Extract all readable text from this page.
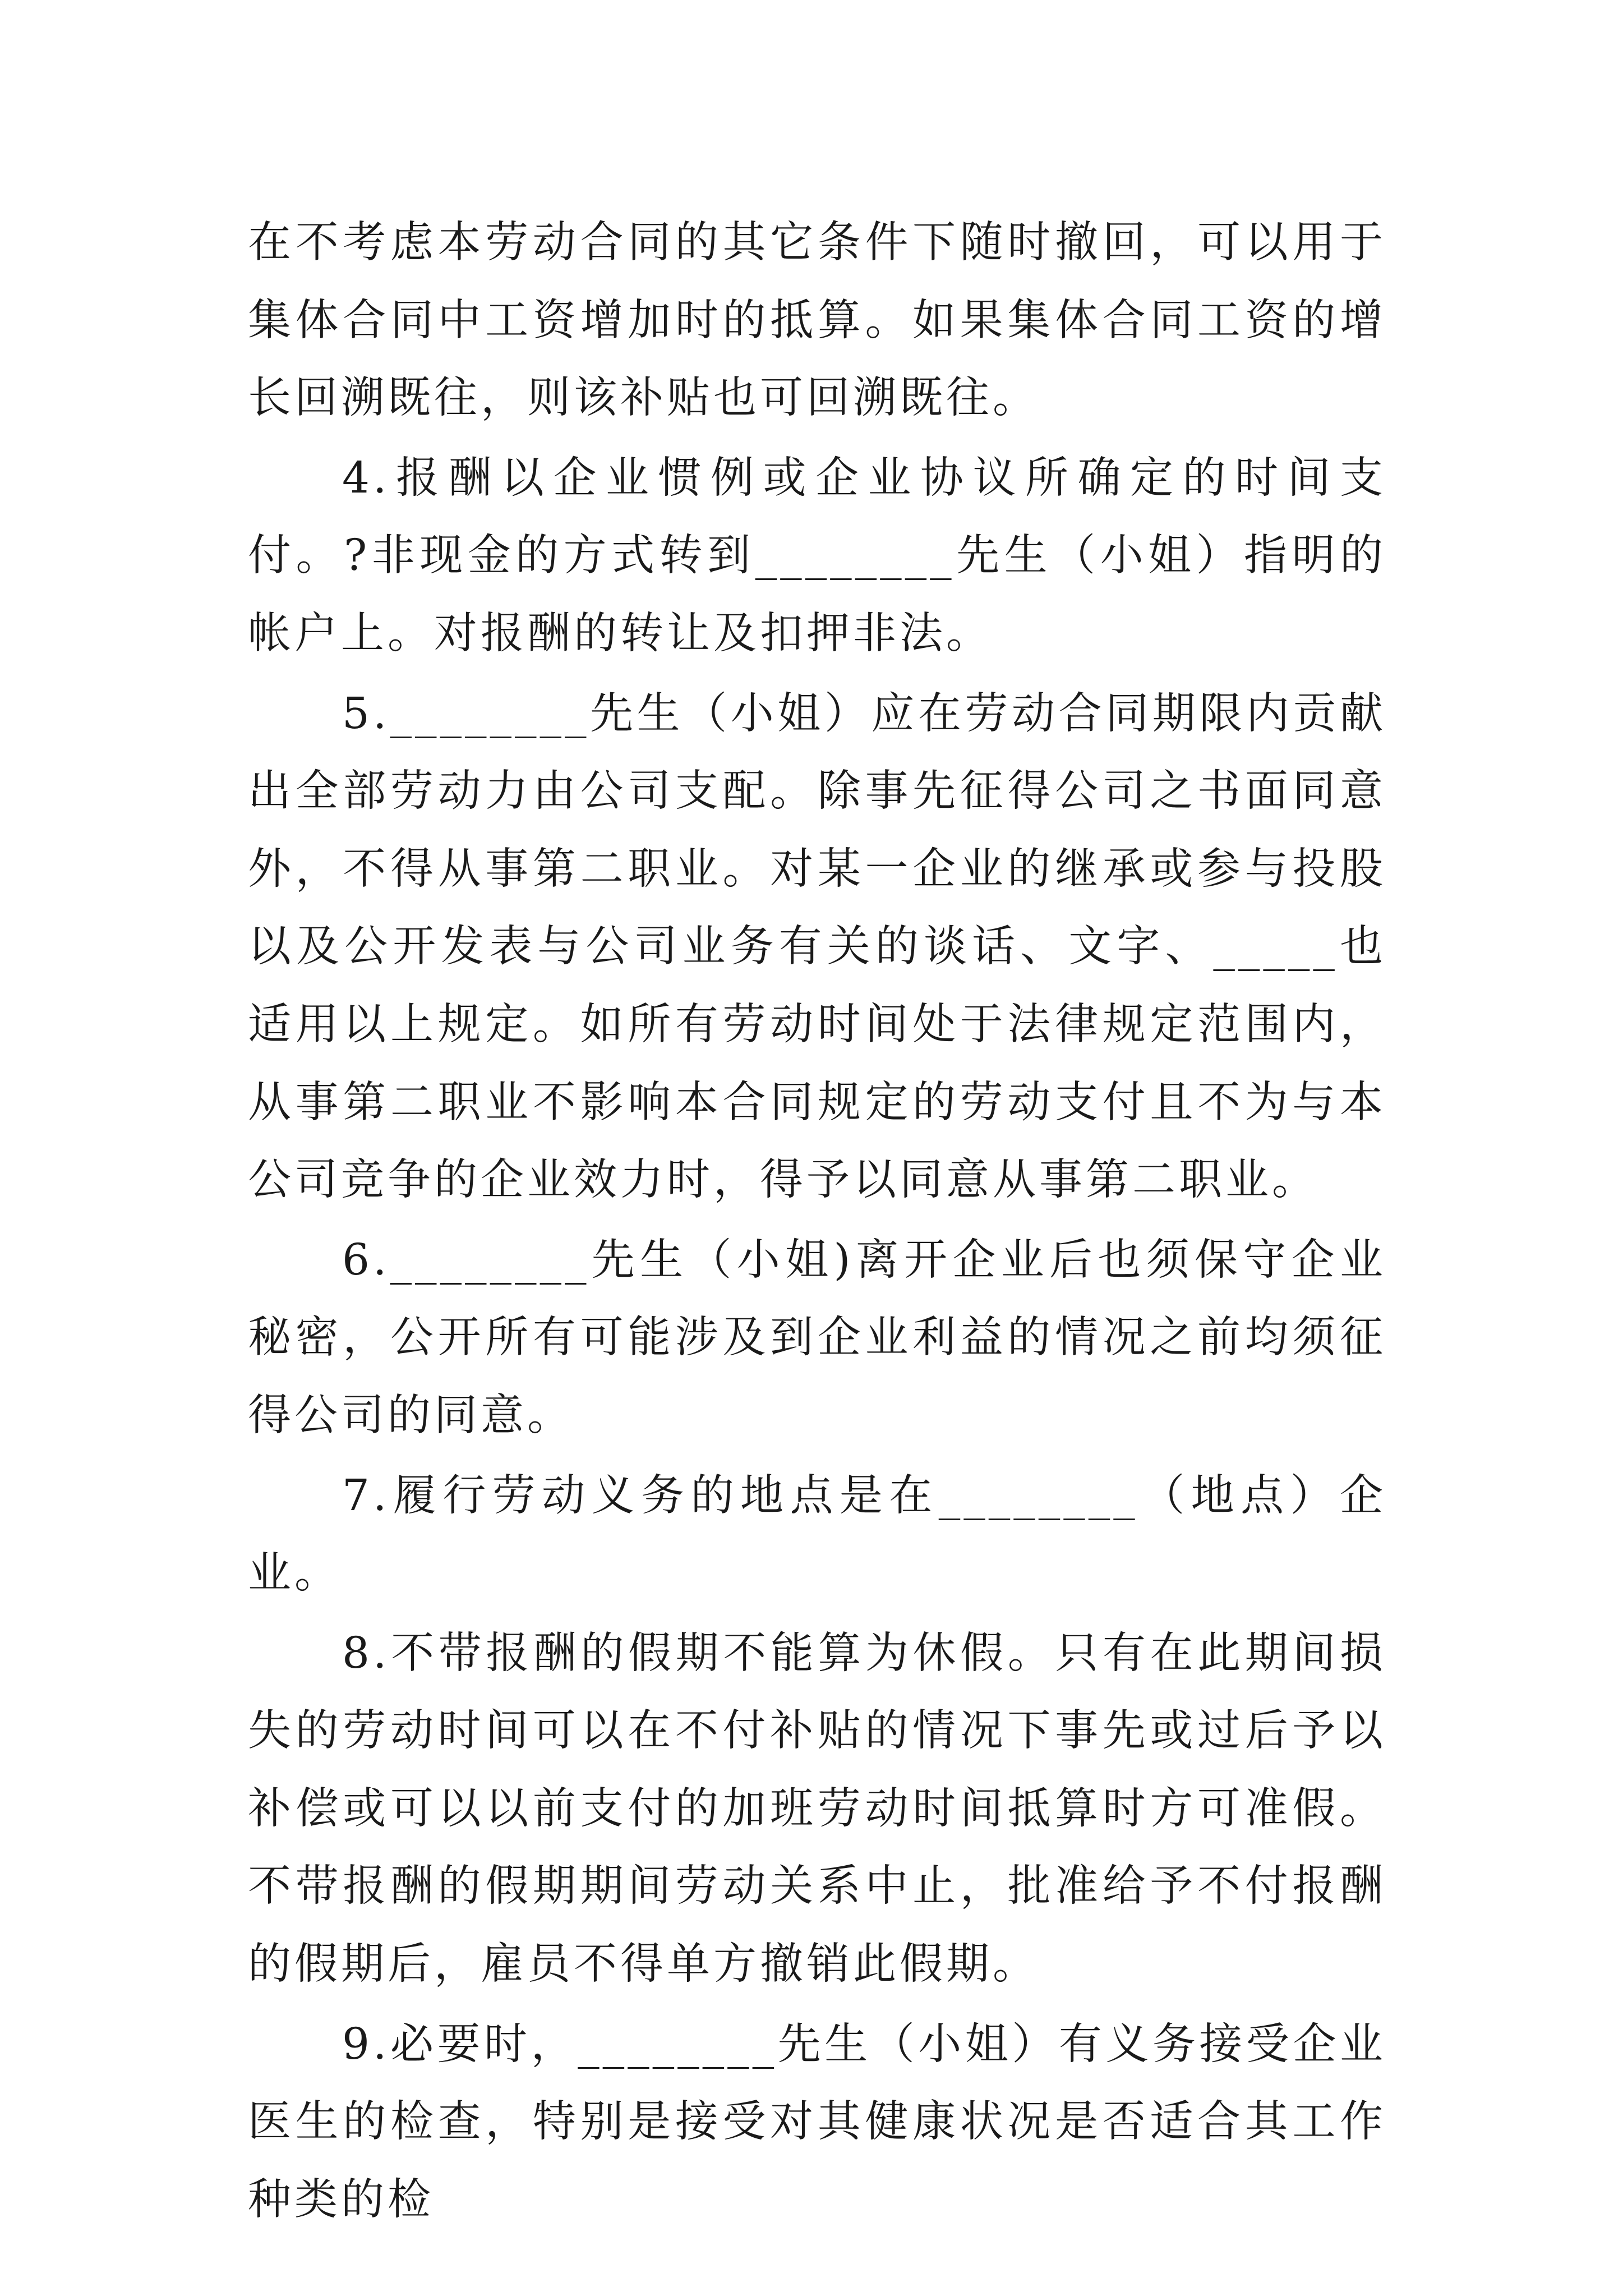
在不考虑本劳动合同的其它条件下随时撤回，可以用于集体合同中工资增加时的抵算。如果集体合同工资的增长回溯既往，则该补贴也可回溯既往。

4.报酬以企业惯例或企业协议所确定的时间支付。?非现金的方式转到________先生（小姐）指明的帐户上。对报酬的转让及扣押非法。

5.________先生（小姐）应在劳动合同期限内贡献出全部劳动力由公司支配。除事先征得公司之书面同意外，不得从事第二职业。对某一企业的继承或参与投股以及公开发表与公司业务有关的谈话、文字、_____也适用以上规定。如所有劳动时间处于法律规定范围内，从事第二职业不影响本合同规定的劳动支付且不为与本公司竞争的企业效力时，得予以同意从事第二职业。

6.________先生（小姐)离开企业后也须保守企业秘密，公开所有可能涉及到企业利益的情况之前均须征得公司的同意。

7.履行劳动义务的地点是在________（地点）企业。

8.不带报酬的假期不能算为休假。只有在此期间损失的劳动时间可以在不付补贴的情况下事先或过后予以补偿或可以以前支付的加班劳动时间抵算时方可准假。不带报酬的假期期间劳动关系中止，批准给予不付报酬的假期后，雇员不得单方撤销此假期。

9.必要时，________先生（小姐）有义务接受企业医生的检查，特别是接受对其健康状况是否适合其工作种类的检
